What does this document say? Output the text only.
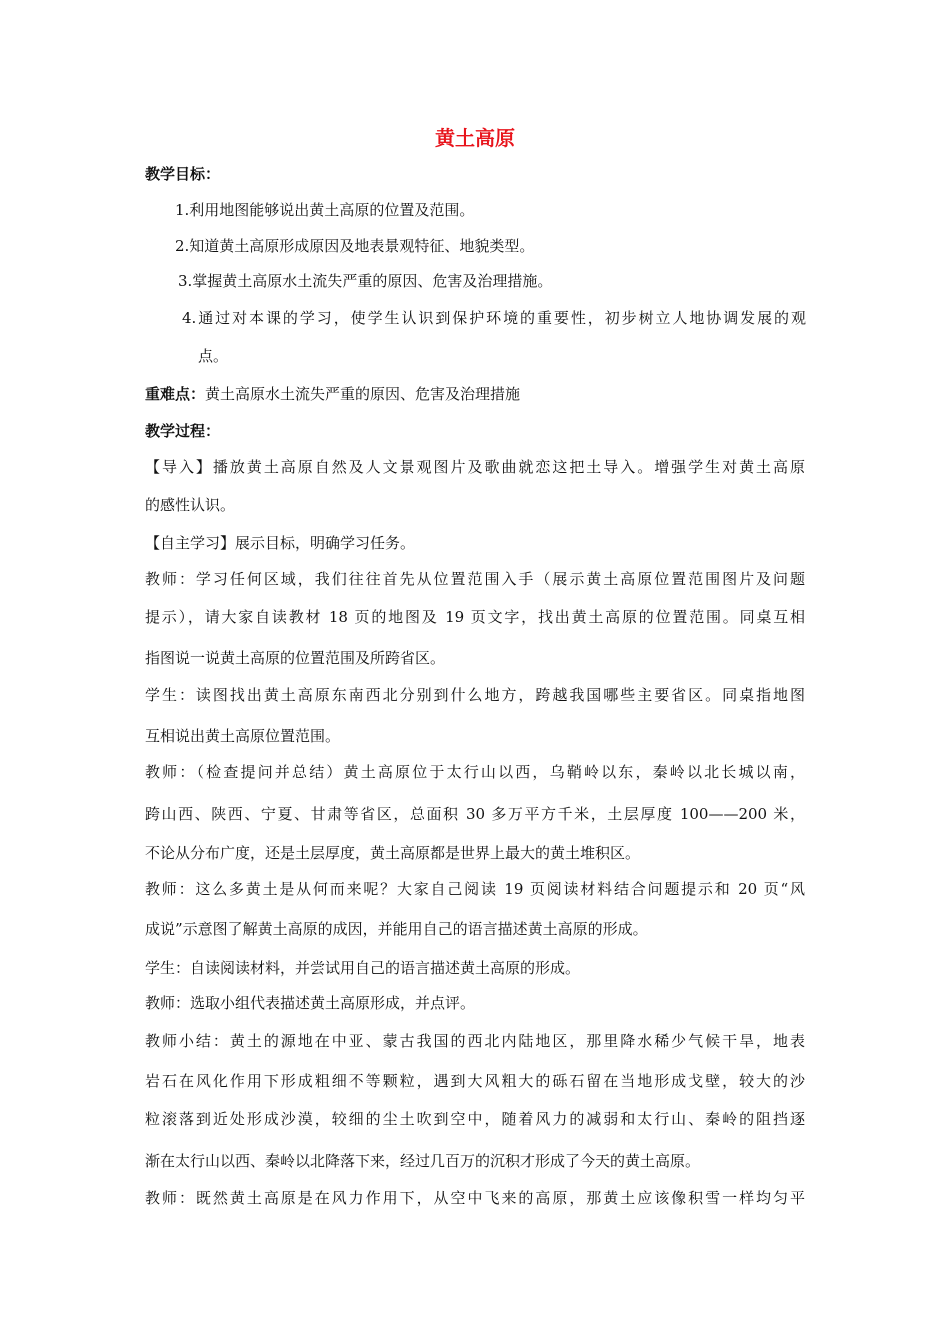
黄土高原
教学目标：
1.利用地图能够说出黄土高原的位置及范围。
2.知道黄土高原形成原因及地表景观特征、地貌类型。
3.掌握黄土高原水土流失严重的原因、危害及治理措施。
4.通过对本课的学习，使学生认识到保护环境的重要性，初步树立人地协调发展的观
点。
重难点：黄土高原水土流失严重的原因、危害及治理措施
教学过程：
【导入】播放黄土高原自然及人文景观图片及歌曲就恋这把土导入。增强学生对黄土高原
的感性认识。
【自主学习】展示目标，明确学习任务。
教师：学习任何区域，我们往往首先从位置范围入手（展示黄土高原位置范围图片及问题
提示），请大家自读教材 18 页的地图及 19 页文字，找出黄土高原的位置范围。同桌互相
指图说一说黄土高原的位置范围及所跨省区。
学生：读图找出黄土高原东南西北分别到什么地方，跨越我国哪些主要省区。同桌指地图
互相说出黄土高原位置范围。
教师：（检查提问并总结）黄土高原位于太行山以西，乌鞘岭以东，秦岭以北长城以南，
跨山西、陕西、宁夏、甘肃等省区，总面积 30 多万平方千米，土层厚度 100——200 米，
不论从分布广度，还是土层厚度，黄土高原都是世界上最大的黄土堆积区。
教师：这么多黄土是从何而来呢？大家自己阅读 19 页阅读材料结合问题提示和 20 页“风
成说”示意图了解黄土高原的成因，并能用自己的语言描述黄土高原的形成。
学生：自读阅读材料，并尝试用自己的语言描述黄土高原的形成。
教师：选取小组代表描述黄土高原形成，并点评。
教师小结：黄土的源地在中亚、蒙古我国的西北内陆地区，那里降水稀少气候干旱，地表
岩石在风化作用下形成粗细不等颗粒，遇到大风粗大的砾石留在当地形成戈壁，较大的沙
粒滚落到近处形成沙漠，较细的尘土吹到空中，随着风力的减弱和太行山、秦岭的阻挡逐
渐在太行山以西、秦岭以北降落下来，经过几百万的沉积才形成了今天的黄土高原。
教师：既然黄土高原是在风力作用下，从空中飞来的高原，那黄土应该像积雪一样均匀平
